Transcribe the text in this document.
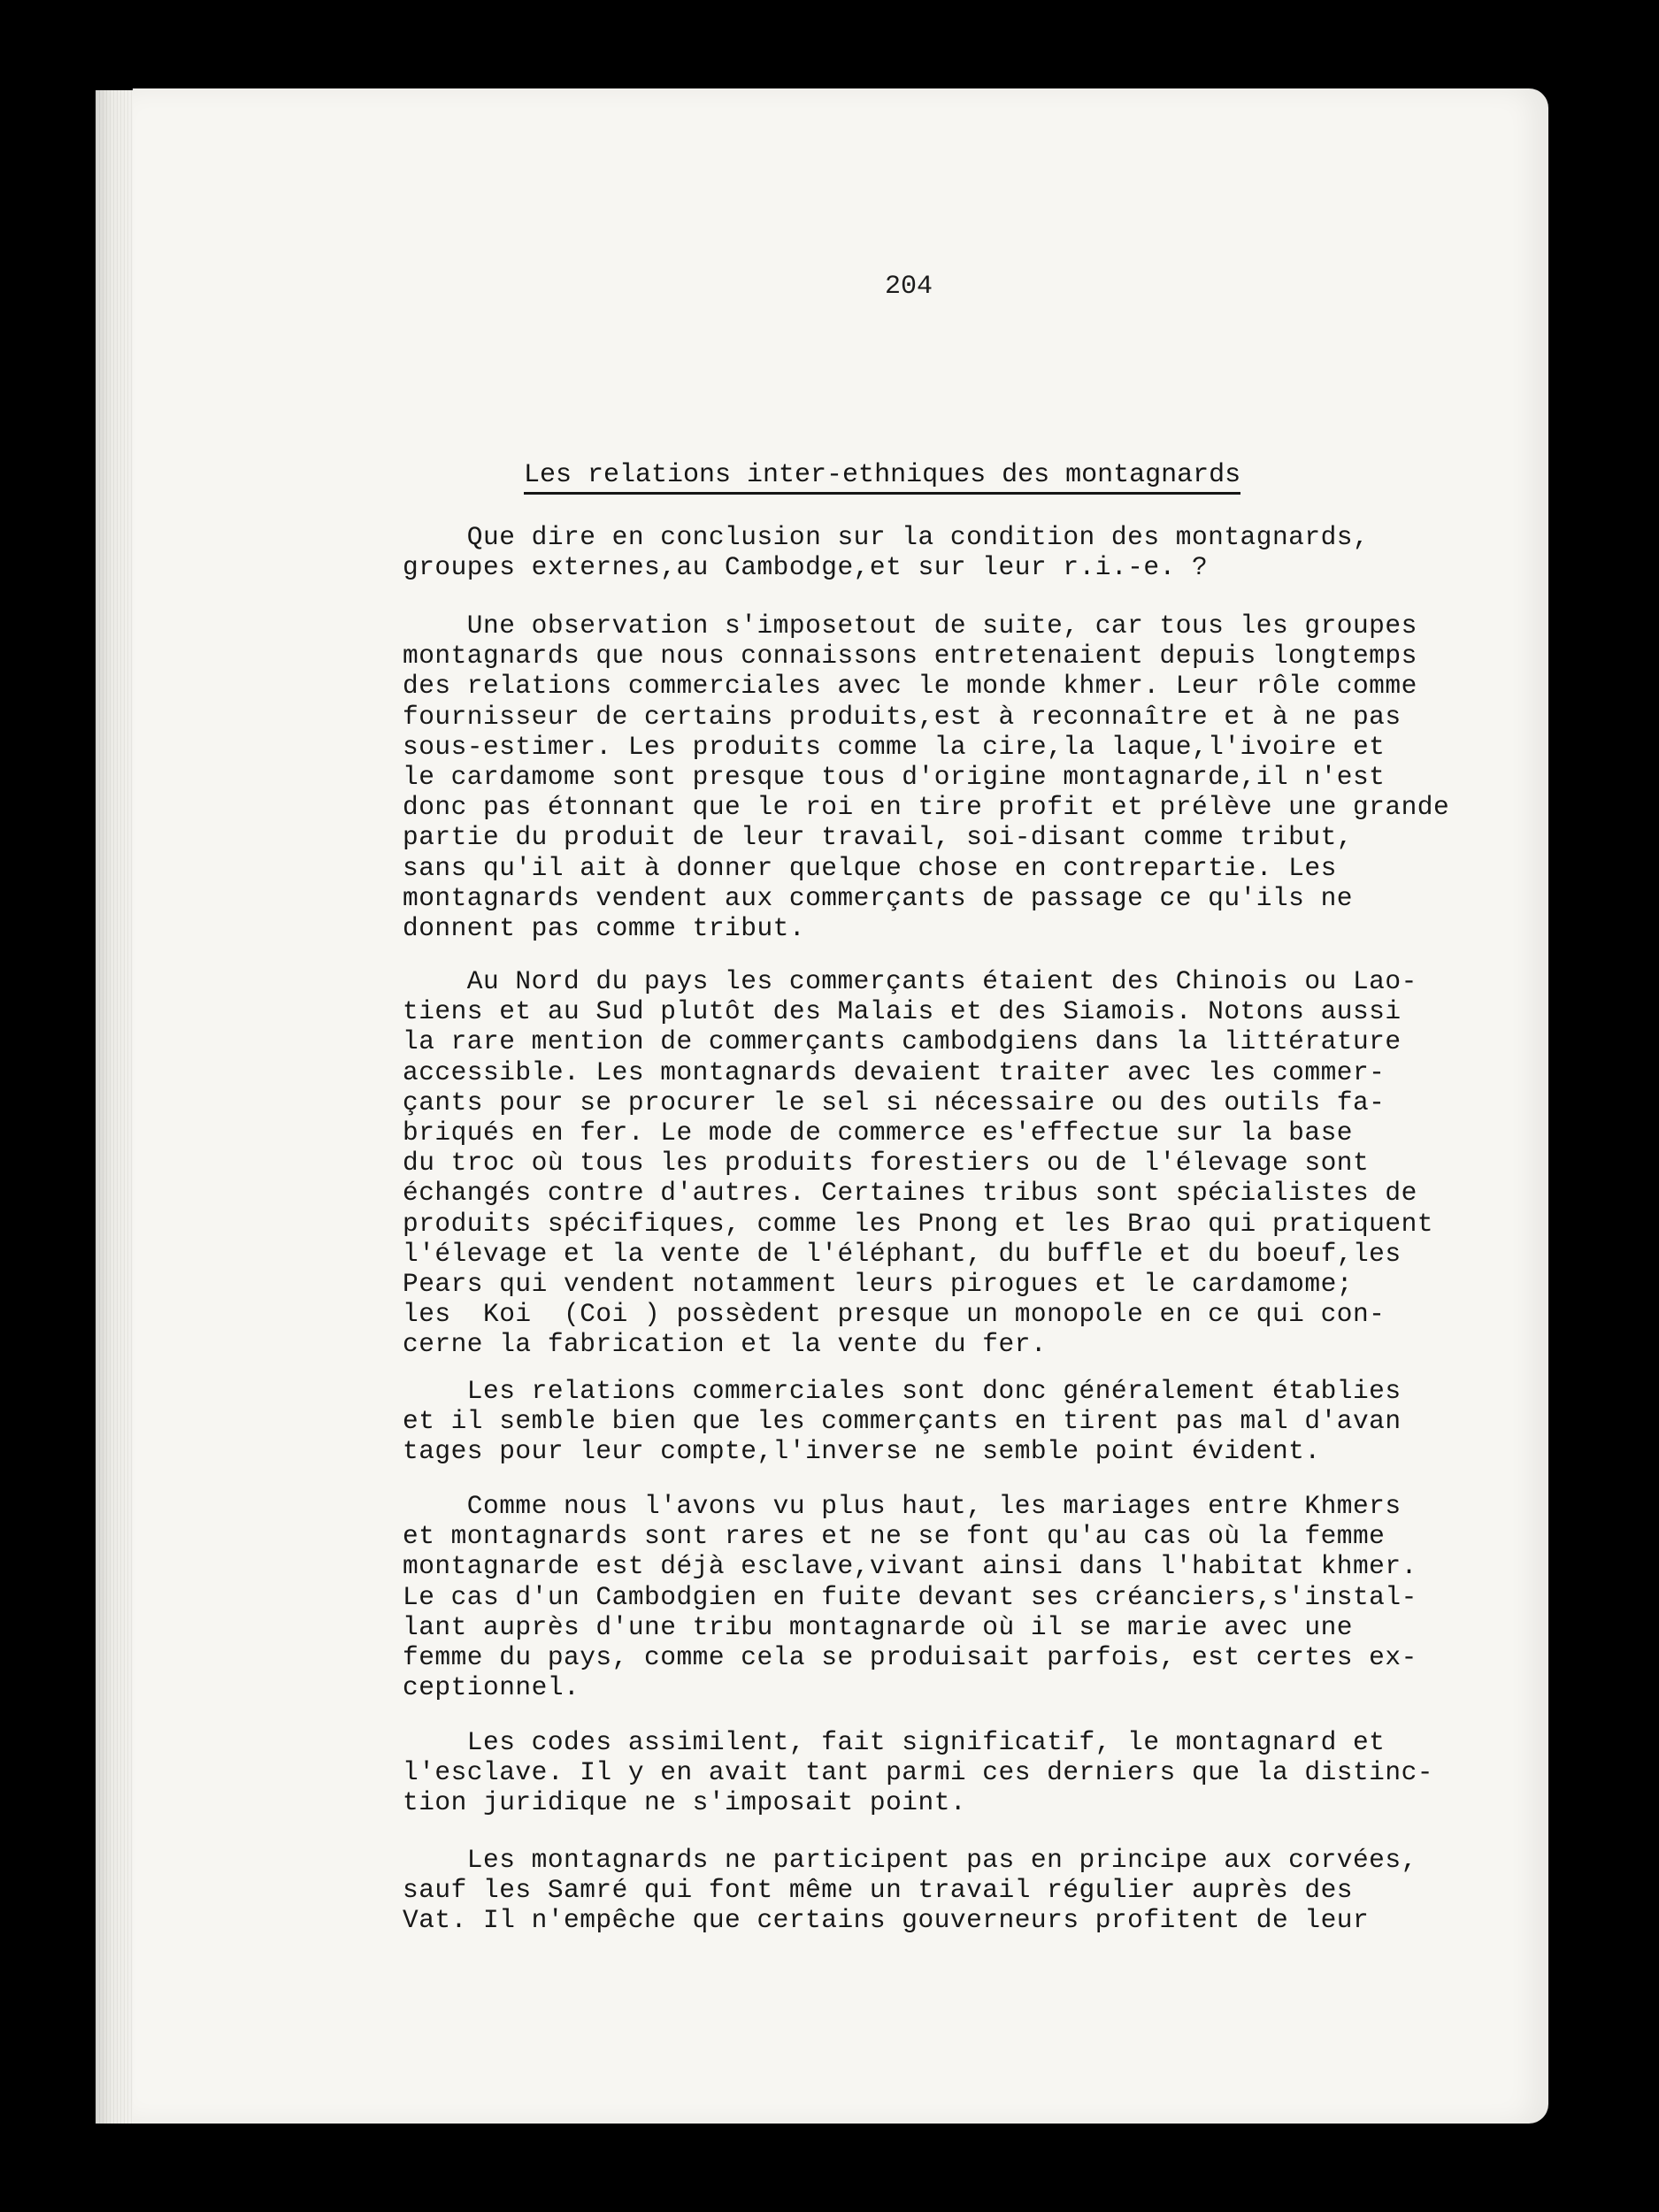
204

Les relations inter-ethniques des montagnards
Que dire en conclusion sur la condition des montagnards,
groupes externes,au Cambodge,et sur leur r.i.-e. ?
Une observation s'imposetout de suite, car tous les groupes
montagnards que nous connaissons entretenaient depuis longtemps
des relations commerciales avec le monde khmer. Leur rôle comme
fournisseur de certains produits,est à reconnaître et à ne pas
sous-estimer. Les produits comme la cire,la laque,l'ivoire et
le cardamome sont presque tous d'origine montagnarde,il n'est
donc pas étonnant que le roi en tire profit et prélève une grande
partie du produit de leur travail, soi-disant comme tribut,
sans qu'il ait à donner quelque chose en contrepartie. Les
montagnards vendent aux commerçants de passage ce qu'ils ne
donnent pas comme tribut.
Au Nord du pays les commerçants étaient des Chinois ou Lao-
tiens et au Sud plutôt des Malais et des Siamois. Notons aussi
la rare mention de commerçants cambodgiens dans la littérature
accessible. Les montagnards devaient traiter avec les commer-
çants pour se procurer le sel si nécessaire ou des outils fa-
briqués en fer. Le mode de commerce es'effectue sur la base
du troc où tous les produits forestiers ou de l'élevage sont
échangés contre d'autres. Certaines tribus sont spécialistes de
produits spécifiques, comme les Pnong et les Brao qui pratiquent
l'élevage et la vente de l'éléphant, du buffle et du boeuf,les
Pears qui vendent notamment leurs pirogues et le cardamome;
les  Koi  (Coi ) possèdent presque un monopole en ce qui con-
cerne la fabrication et la vente du fer.
Les relations commerciales sont donc généralement établies
et il semble bien que les commerçants en tirent pas mal d'avan
tages pour leur compte,l'inverse ne semble point évident.
Comme nous l'avons vu plus haut, les mariages entre Khmers
et montagnards sont rares et ne se font qu'au cas où la femme
montagnarde est déjà esclave,vivant ainsi dans l'habitat khmer.
Le cas d'un Cambodgien en fuite devant ses créanciers,s'instal-
lant auprès d'une tribu montagnarde où il se marie avec une
femme du pays, comme cela se produisait parfois, est certes ex-
ceptionnel.
Les codes assimilent, fait significatif, le montagnard et
l'esclave. Il y en avait tant parmi ces derniers que la distinc-
tion juridique ne s'imposait point.
Les montagnards ne participent pas en principe aux corvées,
sauf les Samré qui font même un travail régulier auprès des
Vat. Il n'empêche que certains gouverneurs profitent de leur
